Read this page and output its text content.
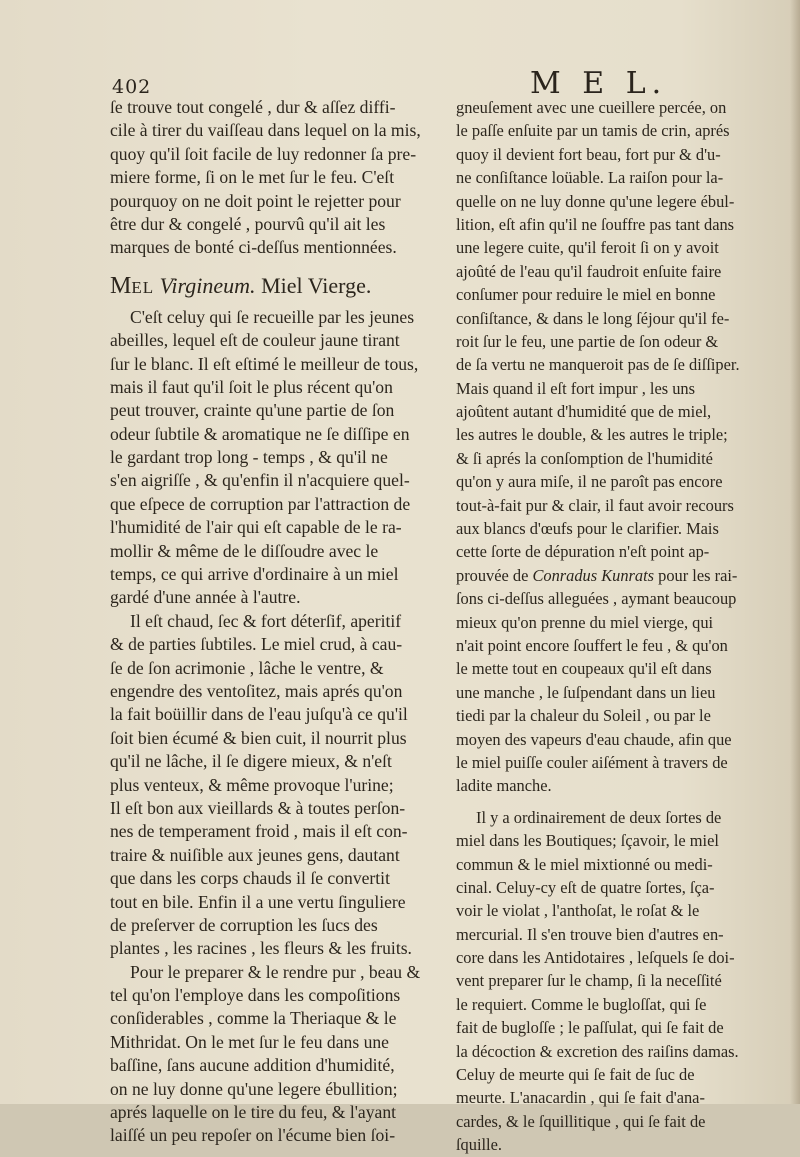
402	M E L.
ſe trouve tout congelé , dur & aſſez diffi-
cile à tirer du vaiſſeau dans lequel on la mis,
quoy qu'il ſoit facile de luy redonner ſa pre-
miere forme, ſi on le met ſur le feu. C'eſt
pourquoy on ne doit point le rejetter pour
être dur & congelé , pourvû qu'il ait les
marques de bonté ci-deſſus mentionnées.
MEL Virgineum. Miel Vierge.
C'eſt celuy qui ſe recueille par les jeunes
abeilles, lequel eſt de couleur jaune tirant
ſur le blanc. Il eſt eſtimé le meilleur de tous,
mais il faut qu'il ſoit le plus récent qu'on
peut trouver, crainte qu'une partie de ſon
odeur ſubtile & aromatique ne ſe diſſipe en
le gardant trop long - temps , & qu'il ne
s'en aigriſſe , & qu'enfin il n'acquiere quel-
que eſpece de corruption par l'attraction de
l'humidité de l'air qui eſt capable de le ra-
mollir & même de le diſſoudre avec le
temps, ce qui arrive d'ordinaire à un miel
gardé d'une année à l'autre.
Il eſt chaud, ſec & fort déterſif, aperitif
& de parties ſubtiles. Le miel crud, à cau-
ſe de ſon acrimonie , lâche le ventre, &
engendre des ventoſitez, mais aprés qu'on
la fait boüillir dans de l'eau juſqu'à ce qu'il
ſoit bien écumé & bien cuit, il nourrit plus
qu'il ne lâche, il ſe digere mieux, & n'eſt
plus venteux, & même provoque l'urine;
Il eſt bon aux vieillards & à toutes perſon-
nes de temperament froid , mais il eſt con-
traire & nuiſible aux jeunes gens, dautant
que dans les corps chauds il ſe convertit
tout en bile. Enfin il a une vertu ſinguliere
de preſerver de corruption les ſucs des
plantes , les racines , les fleurs & les fruits.
Pour le preparer & le rendre pur , beau &
tel qu'on l'employe dans les compoſitions
conſiderables , comme la Theriaque & le
Mithridat. On le met ſur le feu dans une
baſſine, ſans aucune addition d'humidité,
on ne luy donne qu'une legere ébullition;
aprés laquelle on le tire du feu, & l'ayant
laiſſé un peu repoſer on l'écume bien ſoi-
gneuſement avec une cueillere percée, on
le paſſe enſuite par un tamis de crin, aprés
quoy il devient fort beau, fort pur & d'u-
ne conſiſtance loüable. La raiſon pour la-
quelle on ne luy donne qu'une legere ébul-
lition, eſt afin qu'il ne ſouffre pas tant dans
une legere cuite, qu'il feroit ſi on y avoit
ajoûté de l'eau qu'il faudroit enſuite faire
conſumer pour reduire le miel en bonne
conſiſtance, & dans le long ſéjour qu'il fe-
roit ſur le feu, une partie de ſon odeur &
de ſa vertu ne manqueroit pas de ſe diſſiper.
Mais quand il eſt fort impur , les uns
ajoûtent autant d'humidité que de miel,
les autres le double, & les autres le triple;
& ſi aprés la conſomption de l'humidité
qu'on y aura miſe, il ne paroît pas encore
tout-à-fait pur & clair, il faut avoir recours
aux blancs d'œufs pour le clarifier. Mais
cette ſorte de dépuration n'eſt point ap-
prouvée de Conradus Kunrats pour les rai-
ſons ci-deſſus alleguées , aymant beaucoup
mieux qu'on prenne du miel vierge, qui
n'ait point encore ſouffert le feu , & qu'on
le mette tout en coupeaux qu'il eſt dans
une manche , le ſuſpendant dans un lieu
tiedi par la chaleur du Soleil , ou par le
moyen des vapeurs d'eau chaude, afin que
le miel puiſſe couler aiſément à travers de
ladite manche.
Il y a ordinairement de deux ſortes de
miel dans les Boutiques; ſçavoir, le miel
commun & le miel mixtionné ou medi-
cinal. Celuy-cy eſt de quatre ſortes, ſça-
voir le violat , l'anthoſat, le roſat & le
mercurial. Il s'en trouve bien d'autres en-
core dans les Antidotaires , leſquels ſe doi-
vent preparer ſur le champ, ſi la neceſſité
le requiert. Comme le bugloſſat, qui ſe
fait de bugloſſe ; le paſſulat, qui ſe fait de
la décoction & excretion des raiſins damas.
Celuy de meurte qui ſe fait de ſuc de
meurte. L'anacardin , qui ſe fait d'ana-
cardes, & le ſquillitique , qui ſe fait de
ſquille.
